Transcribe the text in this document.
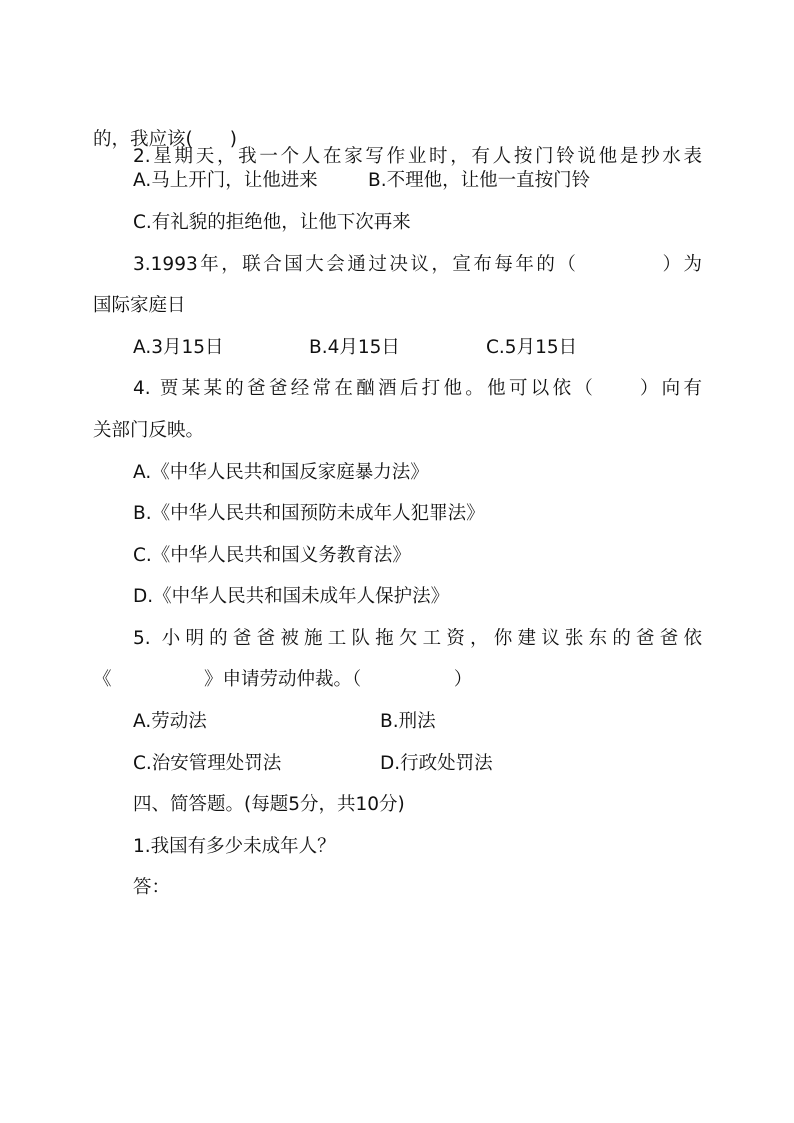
2.星期天，我一个人在家写作业时，有人按门铃说他是抄水表
的，我应该(　　)
A.马上开门，让他进来	B.不理他，让他一直按门铃
C.有礼貌的拒绝他，让他下次再来
3.1993年，联合国大会通过决议，宣布每年的（　　　　）为
国际家庭日
A.3月15日	B.4月15日	C.5月15日
4. 贾某某的爸爸经常在酗酒后打他。他可以依（　　）向有
关部门反映。
A.《中华人民共和国反家庭暴力法》
B.《中华人民共和国预防未成年人犯罪法》
C.《中华人民共和国义务教育法》
D.《中华人民共和国未成年人保护法》
5. 小明的爸爸被施工队拖欠工资，你建议张东的爸爸依
《　　　　　》申请劳动仲裁。（　　　　　）
A.劳动法	B.刑法
C.治安管理处罚法	D.行政处罚法
四、简答题。(每题5分，共10分)
1.我国有多少未成年人？
答：
